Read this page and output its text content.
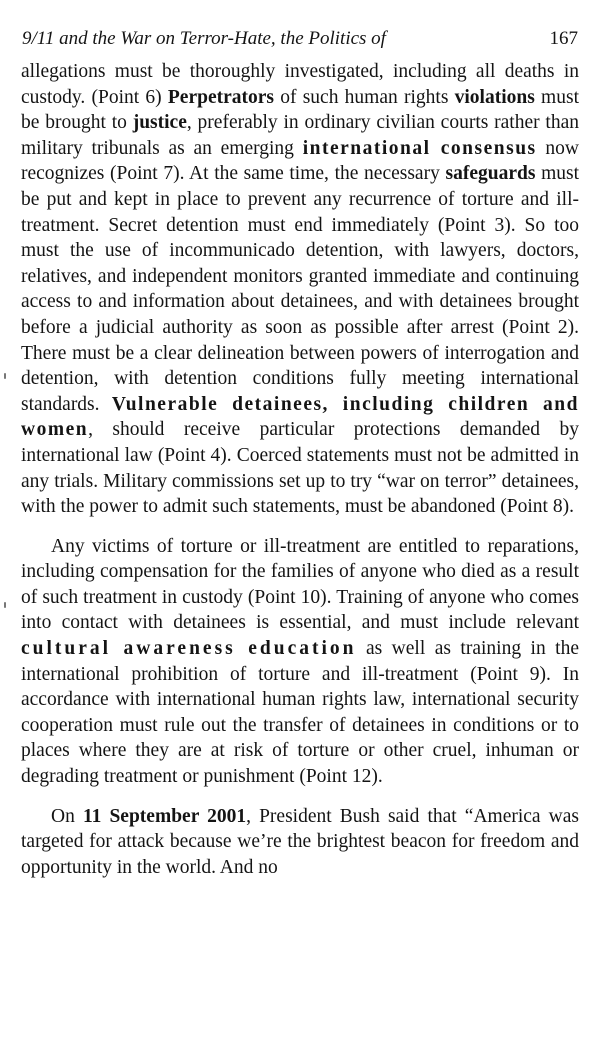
9/11 and the War on Terror-Hate, the Politics of	167

allegations must be thoroughly investigated, including all deaths in custody. (Point 6) Perpetrators of such human rights violations must be brought to justice, preferably in ordinary civilian courts rather than military tribunals as an emerging international consensus now recognizes (Point 7). At the same time, the necessary safeguards must be put and kept in place to prevent any recurrence of torture and ill-treatment. Secret detention must end immediately (Point 3). So too must the use of incommunicado detention, with lawyers, doctors, relatives, and independent monitors granted immediate and continuing access to and information about detainees, and with detainees brought before a judicial authority as soon as possible after arrest (Point 2). There must be a clear delineation between powers of interrogation and detention, with detention conditions fully meeting international standards. Vulnerable detainees, including children and women, should receive particular protections demanded by international law (Point 4). Coerced statements must not be admitted in any trials. Military commissions set up to try “war on terror” detainees, with the power to admit such statements, must be abandoned (Point 8).

Any victims of torture or ill-treatment are entitled to reparations, including compensation for the families of anyone who died as a result of such treatment in custody (Point 10). Training of anyone who comes into contact with detainees is essential, and must include relevant cultural awareness education as well as training in the international prohibition of torture and ill-treatment (Point 9). In accordance with international human rights law, international security cooperation must rule out the transfer of detainees in conditions or to places where they are at risk of torture or other cruel, inhuman or degrading treatment or punishment (Point 12).

On 11 September 2001, President Bush said that “America was targeted for attack because we’re the brightest beacon for freedom and opportunity in the world. And no
